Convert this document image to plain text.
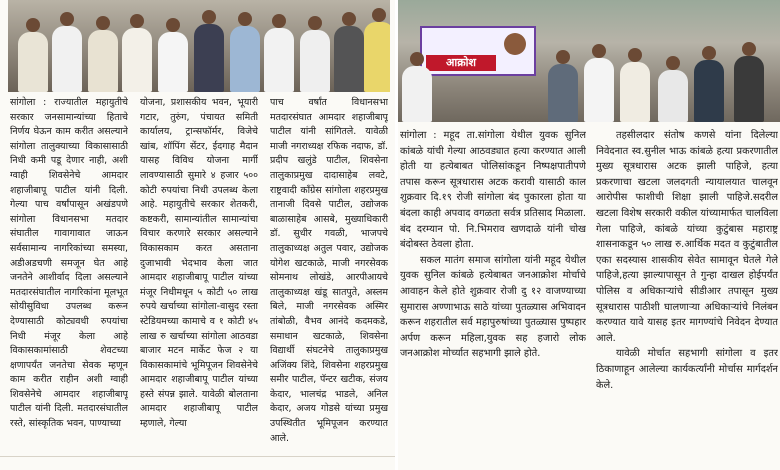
सांगोला : राज्यातील महायुतीचे सरकार जनसामान्यांच्या हिताचे निर्णय घेऊन काम करीत असल्याने सांगोला तालुक्याच्या विकासासाठी निधी कमी पडू देणार नाही, अशी ग्वाही शिवसेनेचे आमदार शहाजीबापू पाटील यांनी दिली. गेल्या पाच वर्षांपासून अखंडपणे सांगोला विधानसभा मतदार संघातील गावागावात जाऊन सर्वसामान्य नागरिकांच्या समस्या, अडीअडचणी समजून घेत आहे जनतेने आशीर्वाद दिला असल्याने मतदारसंघातील नागरिकांना मूलभूत सोयीसुविधा उपलब्ध करून देण्यासाठी कोट्यवधी रुपयांचा निधी मंजूर केला आहे विकासकामांसाठी शेवटच्या क्षणापर्यंत जनतेचा सेवक म्हणून काम करीत राहीन अशी ग्वाही शिवसेनेचे आमदार शहाजीबापू पाटील यांनी दिली. मतदारसंघातील रस्ते, सांस्कृतिक भवन, पाण्याच्या

योजना, प्रशासकीय भवन, भूयारी गटार, तुरुंग, पंचायत समिती कार्यालय, ट्रान्सफॉर्मर, विजेचे खांब, शॉपिंग सेंटर, ईदगाह मैदान यासह विविध योजना मार्गी लावण्यासाठी सुमारे ४ हजार ५०० कोटी रुपयांचा निधी उपलब्ध केला आहे. महायुतीचे सरकार शेतकरी, कष्टकरी, सामान्यांतील सामान्यांचा विचार करणारे सरकार असल्याने विकासकाम करत असताना दुजाभावी भेदभाव केला जात आमदार शहाजीबापू पाटील यांच्या मंजूर निधीमधून ५ कोटी ५० लाख रुपये खर्चाच्या सांगोला-वासुद रस्ता स्टेडियमच्या कामाचे व १ कोटी ४५ लाख रु खर्चाच्या सांगोला आठवडा बाजार मटन मार्केट फेज २ या विकासकामांचे भूमिपूजन शिवसेनेचे आमदार शहाजीबापू पाटील यांच्या हस्ते संपन्न झाले. यावेळी बोलताना आमदार शहाजीबापू पाटील म्हणाले, गेल्या

पाच वर्षांत विधानसभा मतदारसंघात आमदार शहाजीबापू पाटील यांनी सांगितले. यावेळी माजी नगराध्यक्ष रफिक नदाफ, डॉ. प्रदीप खलुंडे पाटील, शिवसेना तालुकाप्रमुख दादासाहेब लवटे, राष्ट्रवादी काँग्रेस सांगोला शहरप्रमुख तानाजी दिवसे पाटील, उद्योजक बाळासाहेब आसबे, मुख्याधिकारी डॉ. सुधीर गवळी, भाजपचे तालुकाध्यक्ष अतुल पवार, उद्योजक योगेश खटकाळे, माजी नगरसेवक सोमनाथ लोखंडे, आरपीआयचे तालुकाध्यक्ष खंडू सातपुते, अस्लम बिले, माजी नगरसेवक अस्मिर तांबोळी, वैभव आनंदे कदमकडे, समाधान खटकाळे, शिवसेना विद्यार्थी संघटनेचे तालुकाप्रमुख अजिंक्य शिंदे, शिवसेना शहरप्रमुख समीर पाटील, पॅन्टर खटीक, संजय केदार, भालचंद्र भाडले, अनिल केदार, अजय गोडसे यांच्या प्रमुख उपस्थितीत भूमिपूजन करण्यात आले.

आक्रोश

सांगोला : महूद ता.सांगोला येथील युवक सुनिल कांबळे यांची गेल्या आठवड्यात हत्या करण्यात आली होती या हत्येबाबत पोलिसांकडून निष्पक्षपातीपणे तपास करून सूत्रधारास अटक करावी यासाठी काल शुक्रवार दि.१९ रोजी सांगोला बंद पुकारला होता या बंदला काही अपवाद वगळता सर्वत्र प्रतिसाद मिळाला. बंद दरम्यान पो. नि.भिमराव खणदाळे यांनी चोख बंदोबस्त ठेवला होता.

सकल मातंग समाज सांगोला यांनी महूद येथील युवक सुनिल कांबळे हत्येबाबत जनआक्रोश मोर्चाचे आवाहन केले होते शुक्रवार रोजी दु १२ वाजण्याच्या सुमारास अण्णाभाऊ साठे यांच्या पुतळ्यास अभिवादन करून शहरातील सर्व महापुरुषांच्या पुतळ्यास पुष्पहार अर्पण करून महिला,युवक सह हजारो लोक जनआक्रोश मोर्च्यात सहभागी झाले होते.

तहसीलदार संतोष कणसे यांना दिलेल्या निवेदनात स्व.सुनील भाऊ कांबळे हत्या प्रकरणातील मुख्य सूत्रधारास अटक झाली पाहिजे, हत्या प्रकरणाचा खटला जलदगती न्यायालयात चालवून आरोपीस फाशीची शिक्षा झाली पाहिजे.सदरील खटला विशेष सरकारी वकील यांच्यामार्फत चालविला गेला पाहिजे, कांबळे यांच्या कुटुंबास महाराष्ट्र शासनाकडून ५० लाख रु.आर्थिक मदत व कुटुंबातील एका सदस्यास शासकीय सेवेत सामावून घेतले गेले पाहिजे,हत्या झाल्यापासून ते गुन्हा दाखल होईपर्यंत पोलिस व अधिकाऱ्यांचे सीडीआर तपासून मुख्य सूत्रधारास पाठीशी घालणाऱ्या अधिकाऱ्यांचे निलंबन करण्यात यावे यासह इतर मागण्यांचे निवेदन देण्यात आले.

यावेळी मोर्चात सहभागी सांगोला व इतर ठिकाणाहून आलेल्या कार्यकर्त्यांनी मोर्चास मार्गदर्शन केले.
